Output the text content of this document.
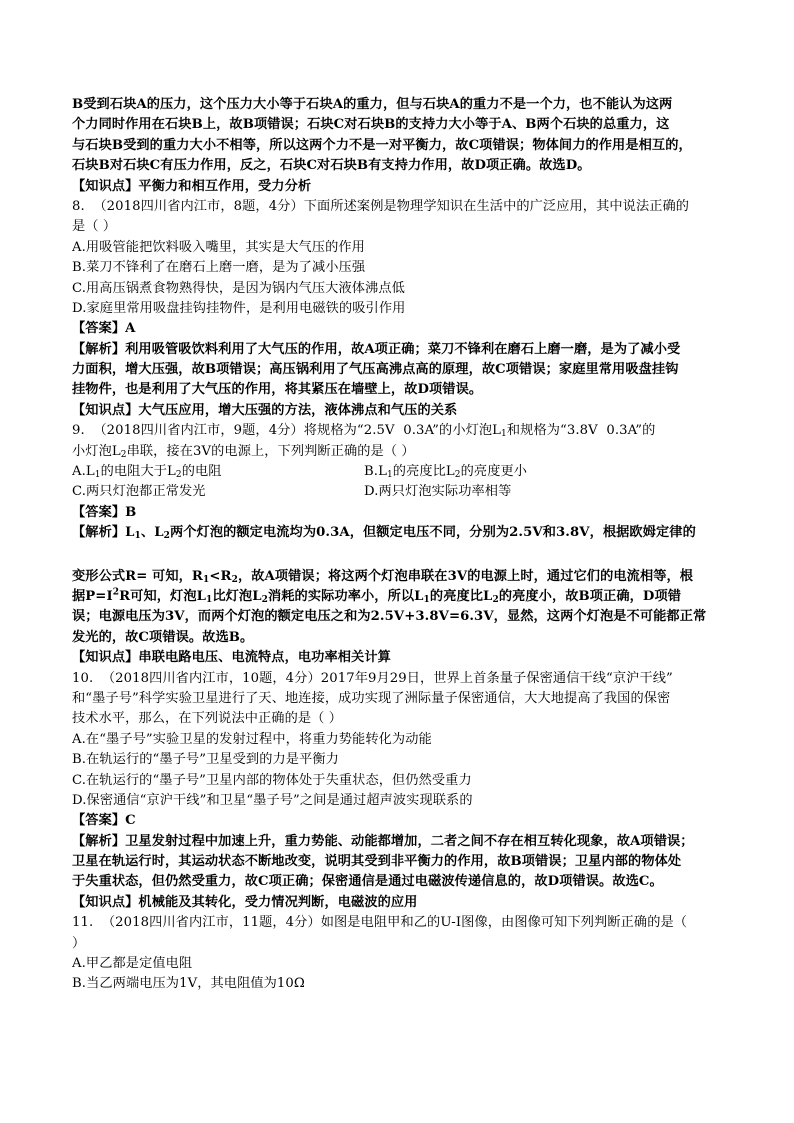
B受到石块A的压力，这个压力大小等于石块A的重力，但与石块A的重力不是一个力，也不能认为这两
个力同时作用在石块B上，故B项错误；石块C对石块B的支持力大小等于A、B两个石块的总重力，这
与石块B受到的重力大小不相等，所以这两个力不是一对平衡力，故C项错误；物体间力的作用是相互的，
石块B对石块C有压力作用，反之，石块C对石块B有支持力作用，故D项正确。故选D。
【知识点】平衡力和相互作用，受力分析
8.  （2018四川省内江市，8题，4分）下面所述案例是物理学知识在生活中的广泛应用，其中说法正确的
是（ ）
A.用吸管能把饮料吸入嘴里，其实是大气压的作用
B.菜刀不锋利了在磨石上磨一磨，是为了减小压强
C.用高压锅煮食物熟得快，是因为锅内气压大液体沸点低
D.家庭里常用吸盘挂钩挂物件，是利用电磁铁的吸引作用
【答案】A
【解析】利用吸管吸饮料利用了大气压的作用，故A项正确；菜刀不锋利在磨石上磨一磨，是为了减小受
力面积，增大压强，故B项错误；高压锅利用了气压高沸点高的原理，故C项错误；家庭里常用吸盘挂钩
挂物件，也是利用了大气压的作用，将其紧压在墙壁上，故D项错误。
【知识点】大气压应用，增大压强的方法，液体沸点和气压的关系
9.  （2018四川省内江市，9题，4分）将规格为“2.5V  0.3A”的小灯泡$L_1$和规格为“3.8V  0.3A”的
小灯泡$L_2$串联，接在3V的电源上，下列判断正确的是（ ）
$A.L_1$的电阻大于$L_2$的电阻	$B.L_1$的亮度比$L_2$的亮度更小
C.两只灯泡都正常发光	D.两只灯泡实际功率相等
【答案】B
【解析】$L_1$、$L_2$两个灯泡的额定电流均为0.3A，但额定电压不同，分别为2.5V和3.8V，根据欧姆定律的
变形公式R= 可知，$R_1<R_2$，故A项错误；将这两个灯泡串联在3V的电源上时，通过它们的电流相等，根
据$P=I^2R$可知，灯泡$L_1$比灯泡$L_2$消耗的实际功率小，所以$L_1$的亮度比$L_2$的亮度小，故B项正确，D项错
误；电源电压为3V，而两个灯泡的额定电压之和为2.5V+3.8V=6.3V，显然，这两个灯泡是不可能都正常
发光的，故C项错误。故选B。
【知识点】串联电路电压、电流特点，电功率相关计算
10.  （2018四川省内江市，10题，4分）2017年9月29日，世界上首条量子保密通信干线“京沪干线”
和“墨子号”科学实验卫星进行了天、地连接，成功实现了洲际量子保密通信，大大地提高了我国的保密
技术水平，那么，在下列说法中正确的是（ ）
A.在“墨子号”实验卫星的发射过程中，将重力势能转化为动能
B.在轨运行的“墨子号”卫星受到的力是平衡力
C.在轨运行的“墨子号”卫星内部的物体处于失重状态，但仍然受重力
D.保密通信“京沪干线”和卫星“墨子号”之间是通过超声波实现联系的
【答案】C
【解析】卫星发射过程中加速上升，重力势能、动能都增加，二者之间不存在相互转化现象，故A项错误；
卫星在轨运行时，其运动状态不断地改变，说明其受到非平衡力的作用，故B项错误；卫星内部的物体处
于失重状态，但仍然受重力，故C项正确；保密通信是通过电磁波传递信息的，故D项错误。故选C。
【知识点】机械能及其转化，受力情况判断，电磁波的应用
11.  （2018四川省内江市，11题，4分）如图是电阻甲和乙的U-I图像，由图像可知下列判断正确的是（
）
A.甲乙都是定值电阻
B.当乙两端电压为1V，其电阻值为10Ω
